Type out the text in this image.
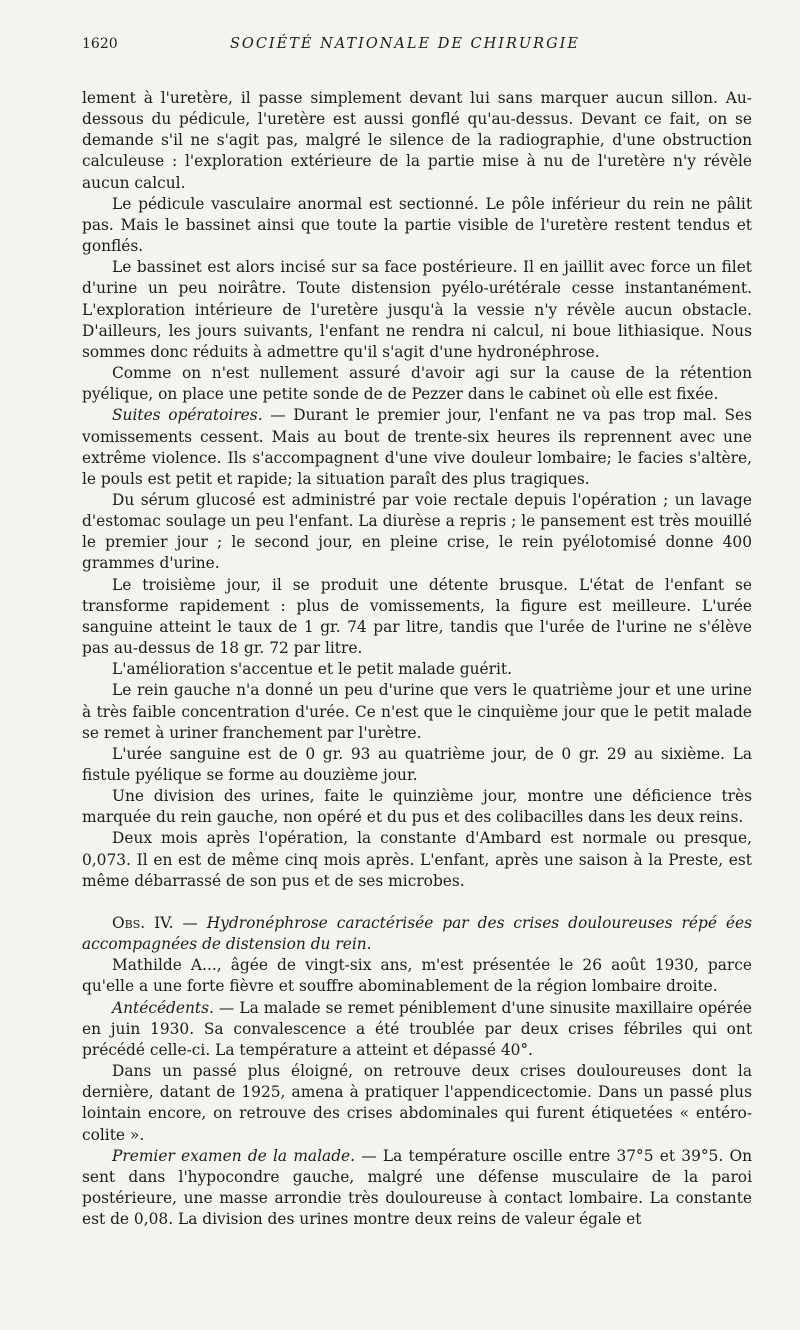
1620	SOCIÉTÉ NATIONALE DE CHIRURGIE

lement à l'uretère, il passe simplement devant lui sans marquer aucun sillon. Au-dessous du pédicule, l'uretère est aussi gonflé qu'au-dessus. Devant ce fait, on se demande s'il ne s'agit pas, malgré le silence de la radiographie, d'une obstruction calculeuse : l'exploration extérieure de la partie mise à nu de l'uretère n'y révèle aucun calcul.

Le pédicule vasculaire anormal est sectionné. Le pôle inférieur du rein ne pâlit pas. Mais le bassinet ainsi que toute la partie visible de l'uretère restent tendus et gonflés.

Le bassinet est alors incisé sur sa face postérieure. Il en jaillit avec force un filet d'urine un peu noirâtre. Toute distension pyélo-urétérale cesse instantanément. L'exploration intérieure de l'uretère jusqu'à la vessie n'y révèle aucun obstacle. D'ailleurs, les jours suivants, l'enfant ne rendra ni calcul, ni boue lithiasique. Nous sommes donc réduits à admettre qu'il s'agit d'une hydronéphrose.

Comme on n'est nullement assuré d'avoir agi sur la cause de la rétention pyélique, on place une petite sonde de de Pezzer dans le cabinet où elle est fixée.

Suites opératoires. — Durant le premier jour, l'enfant ne va pas trop mal. Ses vomissements cessent. Mais au bout de trente-six heures ils reprennent avec une extrême violence. Ils s'accompagnent d'une vive douleur lombaire; le facies s'altère, le pouls est petit et rapide; la situation paraît des plus tragiques.

Du sérum glucosé est administré par voie rectale depuis l'opération ; un lavage d'estomac soulage un peu l'enfant. La diurèse a repris ; le pansement est très mouillé le premier jour ; le second jour, en pleine crise, le rein pyélotomisé donne 400 grammes d'urine.

Le troisième jour, il se produit une détente brusque. L'état de l'enfant se transforme rapidement : plus de vomissements, la figure est meilleure. L'urée sanguine atteint le taux de 1 gr. 74 par litre, tandis que l'urée de l'urine ne s'élève pas au-dessus de 18 gr. 72 par litre.

L'amélioration s'accentue et le petit malade guérit.

Le rein gauche n'a donné un peu d'urine que vers le quatrième jour et une urine à très faible concentration d'urée. Ce n'est que le cinquième jour que le petit malade se remet à uriner franchement par l'urètre.

L'urée sanguine est de 0 gr. 93 au quatrième jour, de 0 gr. 29 au sixième. La fistule pyélique se forme au douzième jour.

Une division des urines, faite le quinzième jour, montre une déficience très marquée du rein gauche, non opéré et du pus et des colibacilles dans les deux reins.

Deux mois après l'opération, la constante d'Ambard est normale ou presque, 0,073. Il en est de même cinq mois après. L'enfant, après une saison à la Preste, est même débarrassé de son pus et de ses microbes.

Obs. IV. — Hydronéphrose caractérisée par des crises douloureuses répé ées accompagnées de distension du rein.

Mathilde A..., âgée de vingt-six ans, m'est présentée le 26 août 1930, parce qu'elle a une forte fièvre et souffre abominablement de la région lombaire droite.

Antécédents. — La malade se remet péniblement d'une sinusite maxillaire opérée en juin 1930. Sa convalescence a été troublée par deux crises fébriles qui ont précédé celle-ci. La température a atteint et dépassé 40°.

Dans un passé plus éloigné, on retrouve deux crises douloureuses dont la dernière, datant de 1925, amena à pratiquer l'appendicectomie. Dans un passé plus lointain encore, on retrouve des crises abdominales qui furent étiquetées « entéro-colite ».

Premier examen de la malade. — La température oscille entre 37°5 et 39°5. On sent dans l'hypocondre gauche, malgré une défense musculaire de la paroi postérieure, une masse arrondie très douloureuse à contact lombaire. La constante est de 0,08. La division des urines montre deux reins de valeur égale et
